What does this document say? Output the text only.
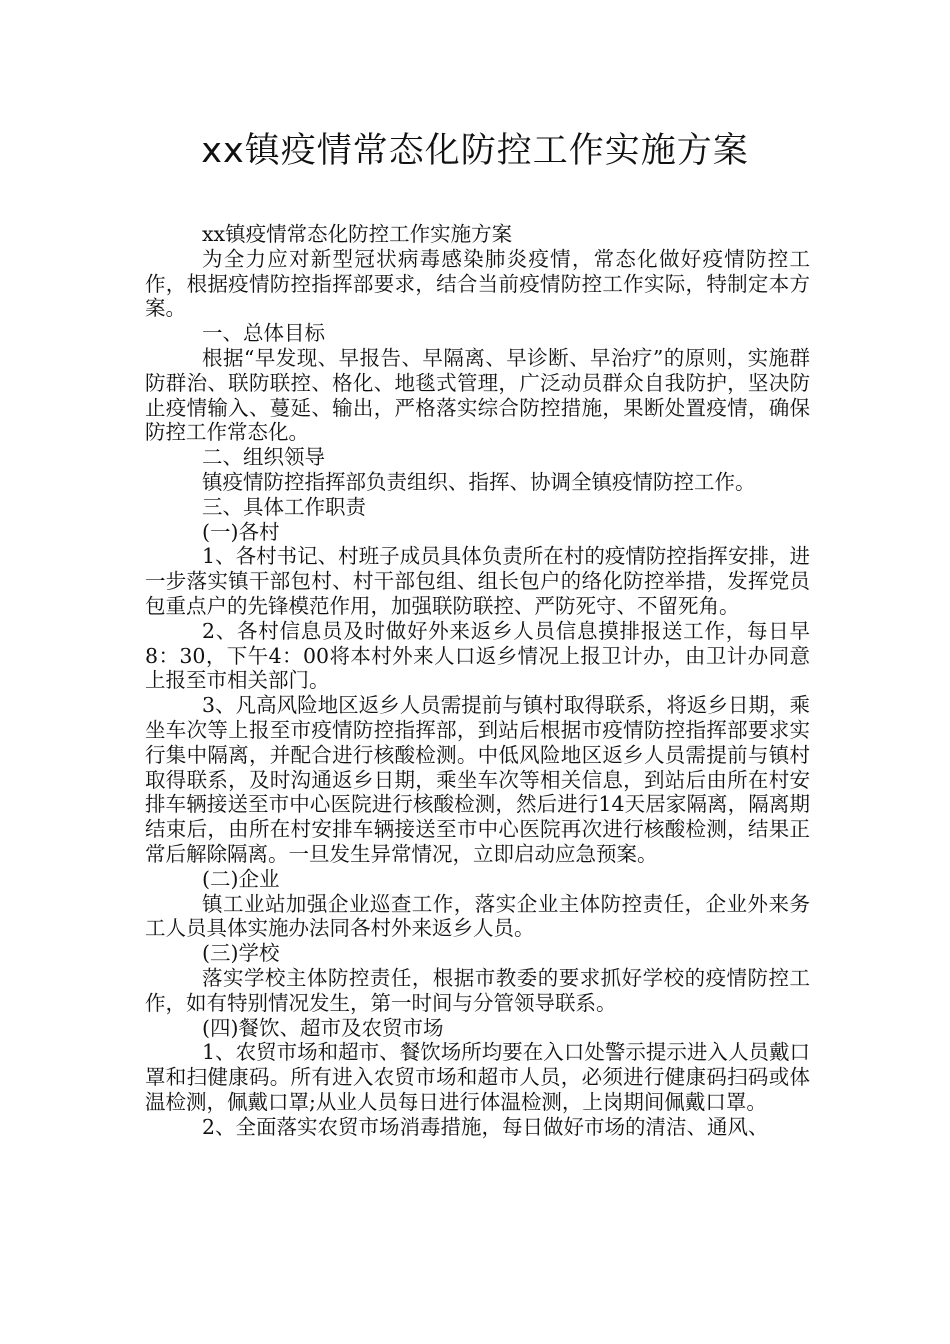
xx镇疫情常态化防控工作实施方案

xx镇疫情常态化防控工作实施方案

为全力应对新型冠状病毒感染肺炎疫情，常态化做好疫情防控工作，根据疫情防控指挥部要求，结合当前疫情防控工作实际，特制定本方案。

一、总体目标

根据“早发现、早报告、早隔离、早诊断、早治疗”的原则，实施群防群治、联防联控、格化、地毯式管理，广泛动员群众自我防护，坚决防止疫情输入、蔓延、输出，严格落实综合防控措施，果断处置疫情，确保防控工作常态化。

二、组织领导

镇疫情防控指挥部负责组织、指挥、协调全镇疫情防控工作。

三、具体工作职责

(一)各村

1、各村书记、村班子成员具体负责所在村的疫情防控指挥安排，进一步落实镇干部包村、村干部包组、组长包户的络化防控举措，发挥党员包重点户的先锋模范作用，加强联防联控、严防死守、不留死角。

2、各村信息员及时做好外来返乡人员信息摸排报送工作，每日早8：30，下午4：00将本村外来人口返乡情况上报卫计办，由卫计办同意上报至市相关部门。

3、凡高风险地区返乡人员需提前与镇村取得联系，将返乡日期，乘坐车次等上报至市疫情防控指挥部，到站后根据市疫情防控指挥部要求实行集中隔离，并配合进行核酸检测。中低风险地区返乡人员需提前与镇村取得联系，及时沟通返乡日期，乘坐车次等相关信息，到站后由所在村安排车辆接送至市中心医院进行核酸检测，然后进行14天居家隔离，隔离期结束后，由所在村安排车辆接送至市中心医院再次进行核酸检测，结果正常后解除隔离。一旦发生异常情况，立即启动应急预案。

(二)企业

镇工业站加强企业巡查工作，落实企业主体防控责任，企业外来务工人员具体实施办法同各村外来返乡人员。

(三)学校

落实学校主体防控责任，根据市教委的要求抓好学校的疫情防控工作，如有特别情况发生，第一时间与分管领导联系。

(四)餐饮、超市及农贸市场

1、农贸市场和超市、餐饮场所均要在入口处警示提示进入人员戴口罩和扫健康码。所有进入农贸市场和超市人员，必须进行健康码扫码或体温检测，佩戴口罩;从业人员每日进行体温检测，上岗期间佩戴口罩。

2、全面落实农贸市场消毒措施，每日做好市场的清洁、通风、
